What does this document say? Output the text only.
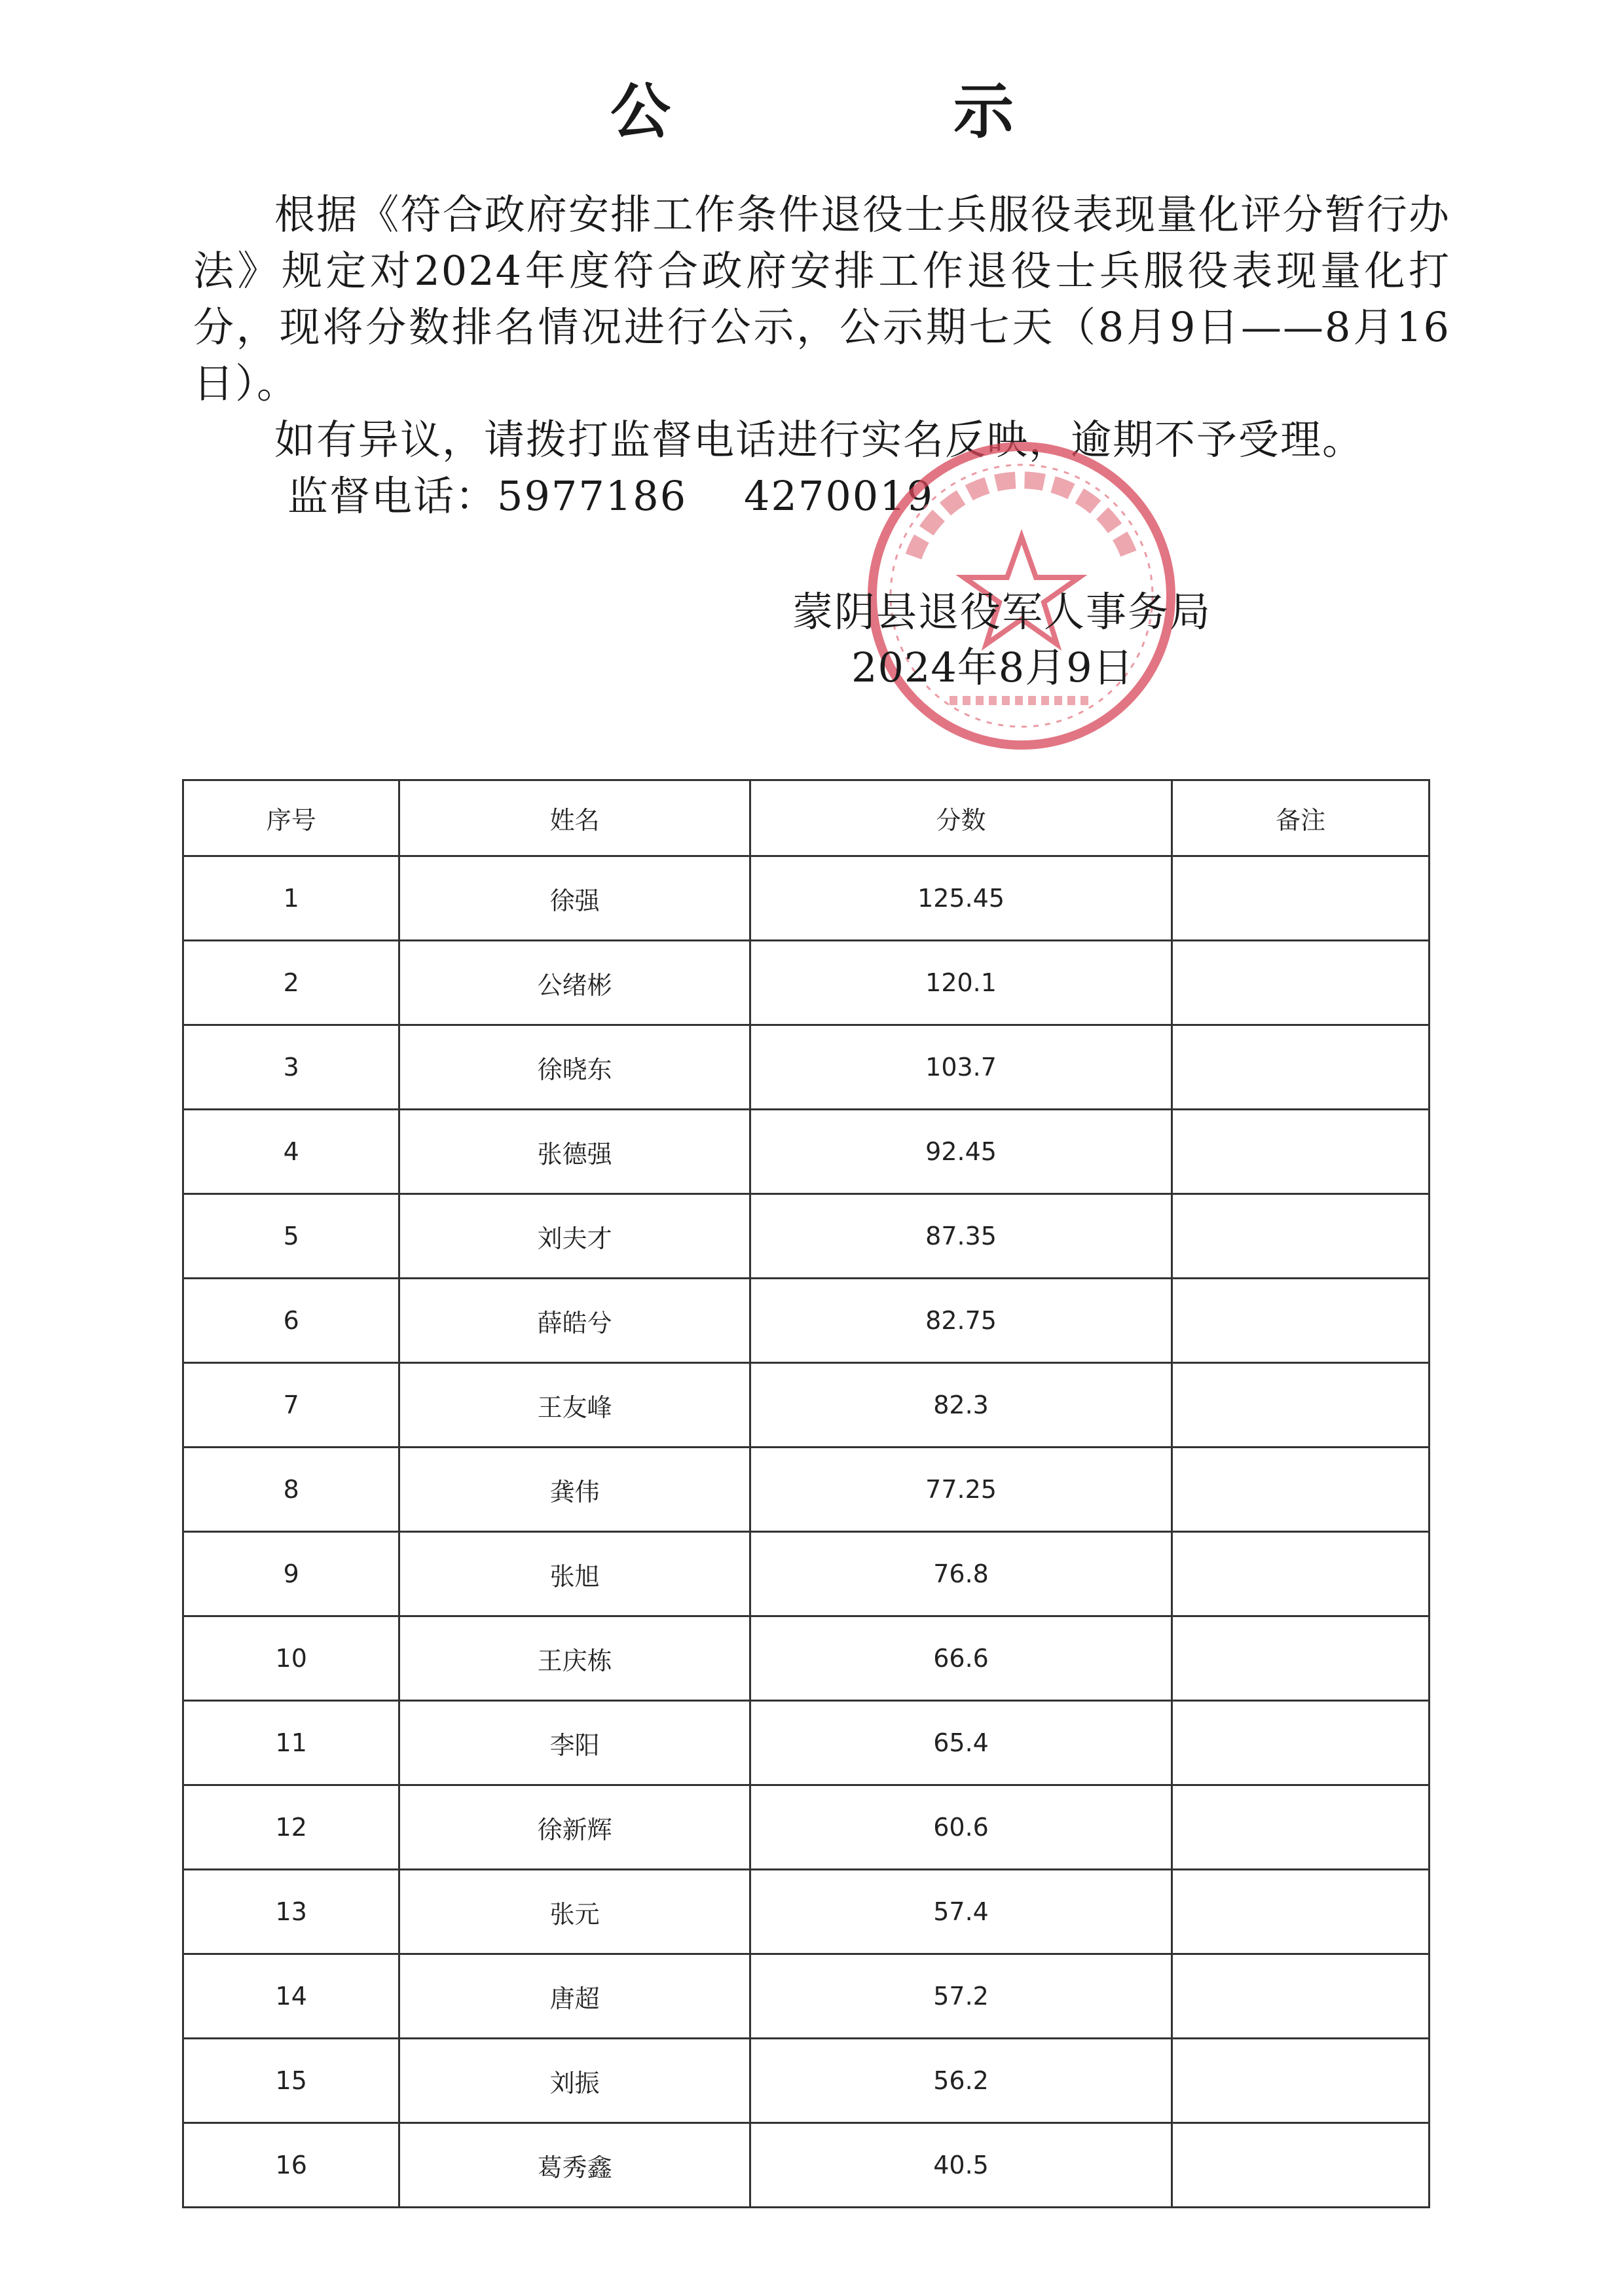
公 示

根据《符合政府安排工作条件退役士兵服役表现量化评分暂行办法》规定对2024年度符合政府安排工作退役士兵服役表现量化打分，现将分数排名情况进行公示，公示期七天（8月9日——8月16日）。

如有异议，请拨打监督电话进行实名反映，逾期不予受理。

监督电话：5977186 4270019

蒙阴县退役军人事务局
2024年8月9日
序号	姓名	分数	备注
1	徐强	125.45	
2	公绪彬	120.1	
3	徐晓东	103.7	
4	张德强	92.45	
5	刘夫才	87.35	
6	薛皓兮	82.75	
7	王友峰	82.3	
8	龚伟	77.25	
9	张旭	76.8	
10	王庆栋	66.6	
11	李阳	65.4	
12	徐新辉	60.6	
13	张元	57.4	
14	唐超	57.2	
15	刘振	56.2	
16	葛秀鑫	40.5	
